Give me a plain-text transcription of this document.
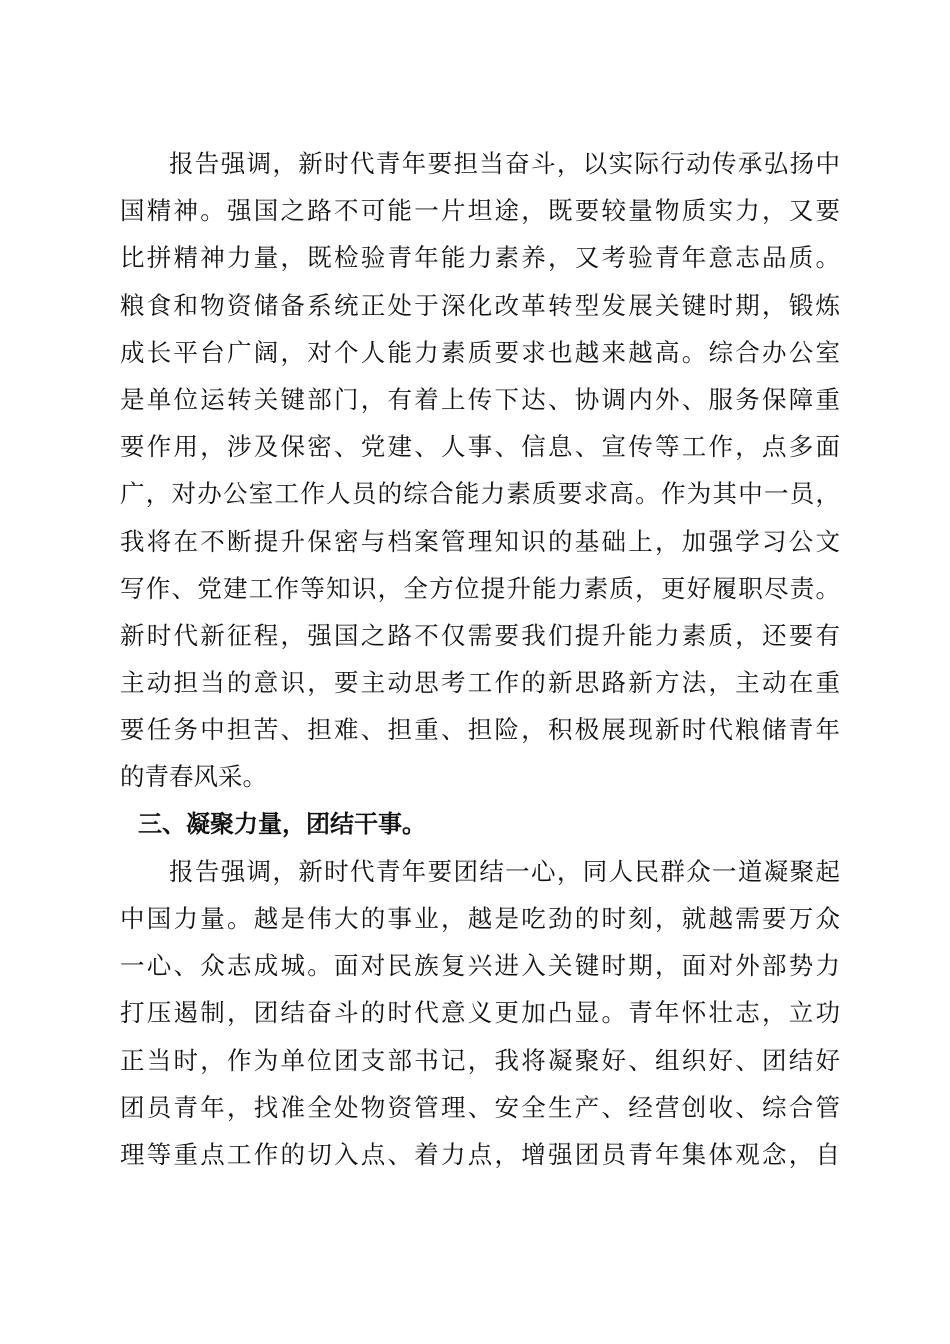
报告强调，新时代青年要担当奋斗，以实际行动传承弘扬中
国精神。强国之路不可能一片坦途，既要较量物质实力，又要
比拼精神力量，既检验青年能力素养，又考验青年意志品质。
粮食和物资储备系统正处于深化改革转型发展关键时期，锻炼
成长平台广阔，对个人能力素质要求也越来越高。综合办公室
是单位运转关键部门，有着上传下达、协调内外、服务保障重
要作用，涉及保密、党建、人事、信息、宣传等工作，点多面
广，对办公室工作人员的综合能力素质要求高。作为其中一员，
我将在不断提升保密与档案管理知识的基础上，加强学习公文
写作、党建工作等知识，全方位提升能力素质，更好履职尽责。
新时代新征程，强国之路不仅需要我们提升能力素质，还要有
主动担当的意识，要主动思考工作的新思路新方法，主动在重
要任务中担苦、担难、担重、担险，积极展现新时代粮储青年
的青春风采。
三、凝聚力量，团结干事。
报告强调，新时代青年要团结一心，同人民群众一道凝聚起
中国力量。越是伟大的事业，越是吃劲的时刻，就越需要万众
一心、众志成城。面对民族复兴进入关键时期，面对外部势力
打压遏制，团结奋斗的时代意义更加凸显。青年怀壮志，立功
正当时，作为单位团支部书记，我将凝聚好、组织好、团结好
团员青年，找准全处物资管理、安全生产、经营创收、综合管
理等重点工作的切入点、着力点，增强团员青年集体观念，自
